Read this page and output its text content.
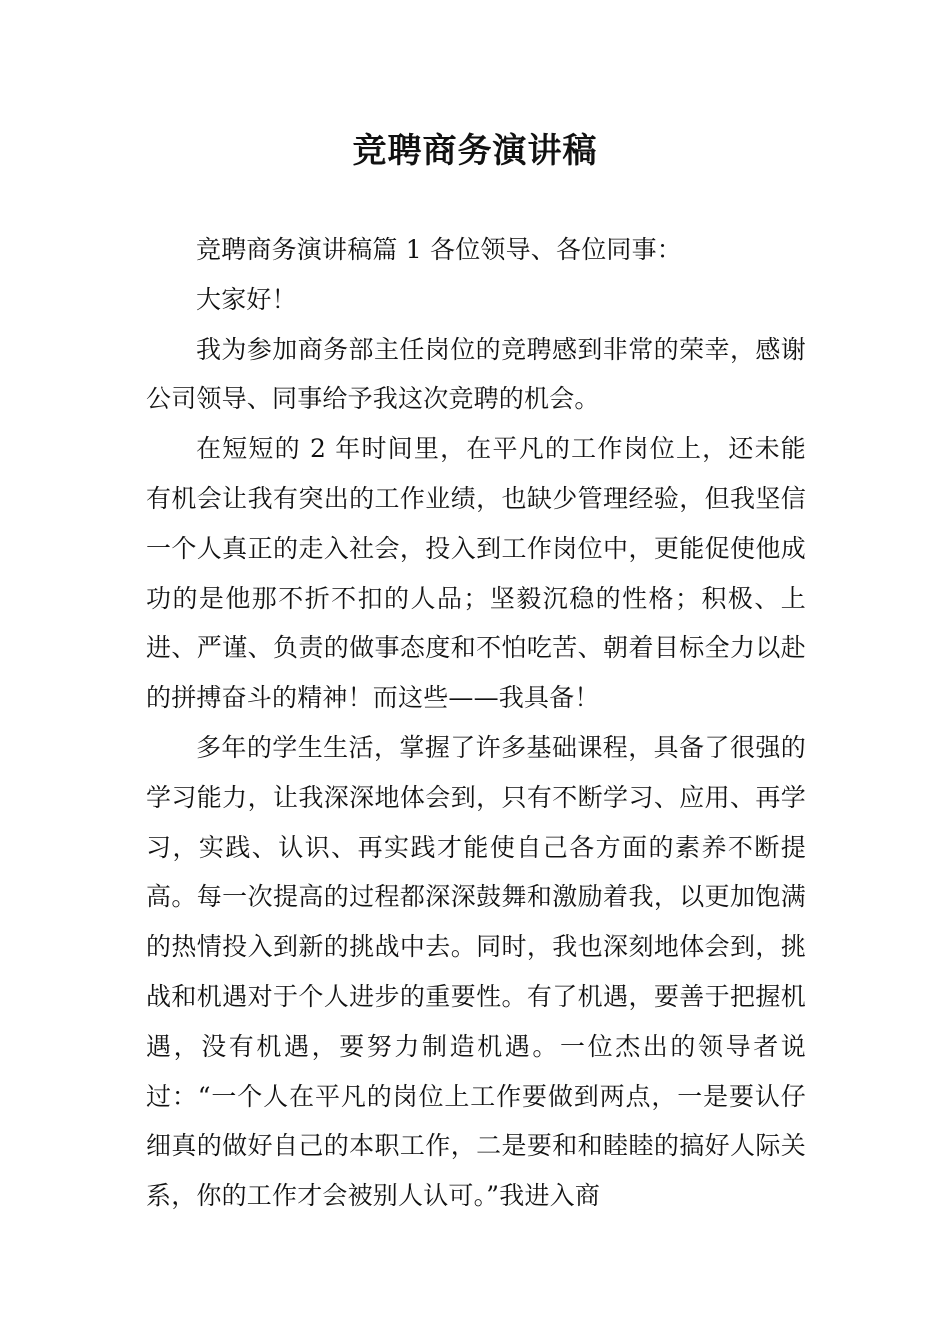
竞聘商务演讲稿

竞聘商务演讲稿篇 1 各位领导、各位同事：

大家好！

我为参加商务部主任岗位的竞聘感到非常的荣幸，感谢公司领导、同事给予我这次竞聘的机会。

在短短的 2 年时间里，在平凡的工作岗位上，还未能有机会让我有突出的工作业绩，也缺少管理经验，但我坚信一个人真正的走入社会，投入到工作岗位中，更能促使他成功的是他那不折不扣的人品；坚毅沉稳的性格；积极、上进、严谨、负责的做事态度和不怕吃苦、朝着目标全力以赴的拼搏奋斗的精神！而这些——我具备！

多年的学生生活，掌握了许多基础课程，具备了很强的学习能力，让我深深地体会到，只有不断学习、应用、再学习，实践、认识、再实践才能使自己各方面的素养不断提高。每一次提高的过程都深深鼓舞和激励着我，以更加饱满的热情投入到新的挑战中去。同时，我也深刻地体会到，挑战和机遇对于个人进步的重要性。有了机遇，要善于把握机遇，没有机遇，要努力制造机遇。一位杰出的领导者说过：“一个人在平凡的岗位上工作要做到两点，一是要认仔细真的做好自己的本职工作，二是要和和睦睦的搞好人际关系，你的工作才会被别人认可。”我进入商
